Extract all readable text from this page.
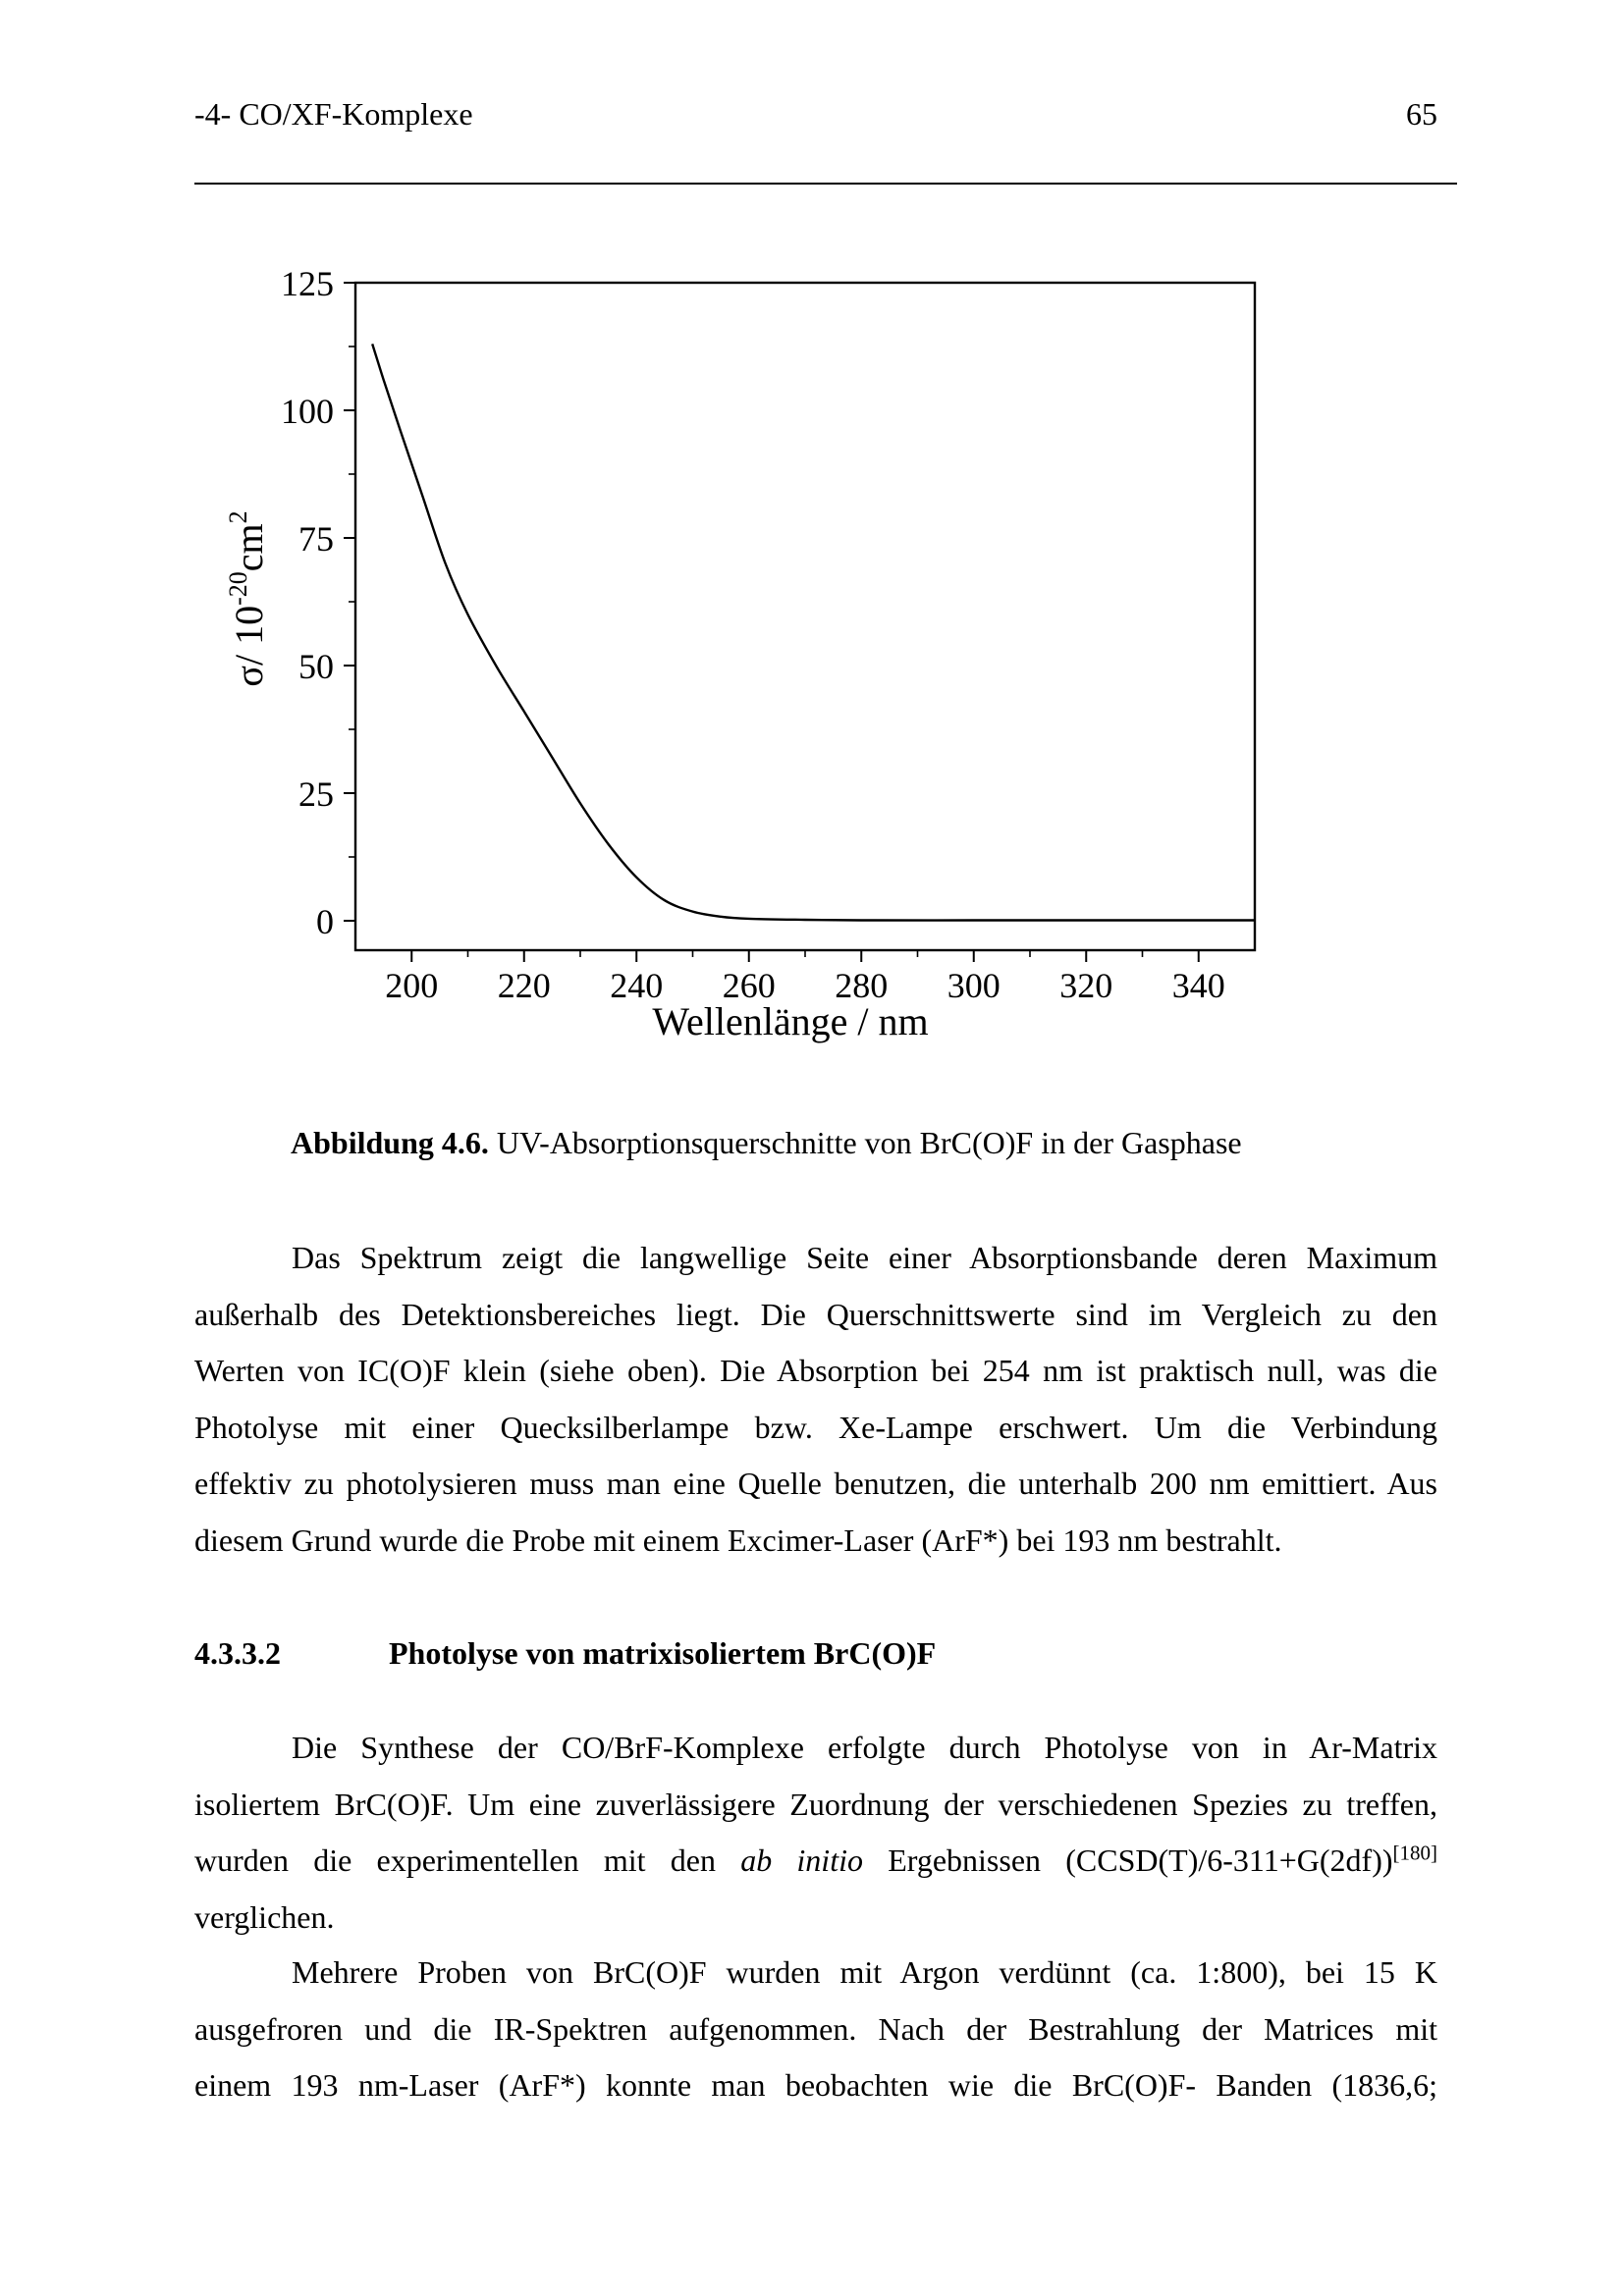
-4- CO/XF-Komplexe	65
0
25
50
75
100
125
200 220 240 260 280 300 320 340
Wellenlänge / nm
σ/ $10^{-20}cm^2$
Abbildung 4.6. UV-Absorptionsquerschnitte von BrC(O)F in der Gasphase
Das Spektrum zeigt die langwellige Seite einer Absorptionsbande deren Maximum
außerhalb des Detektionsbereiches liegt. Die Querschnittswerte sind im Vergleich zu den
Werten von IC(O)F klein (siehe oben). Die Absorption bei 254 nm ist praktisch null, was die
Photolyse mit einer Quecksilberlampe bzw. Xe-Lampe erschwert. Um die Verbindung
effektiv zu photolysieren muss man eine Quelle benutzen, die unterhalb 200 nm emittiert. Aus
diesem Grund wurde die Probe mit einem Excimer-Laser (ArF*) bei 193 nm bestrahlt.
4.3.3.2	Photolyse von matrixisoliertem BrC(O)F
Die Synthese der CO/BrF-Komplexe erfolgte durch Photolyse von in Ar-Matrix
isoliertem BrC(O)F. Um eine zuverlässigere Zuordnung der verschiedenen Spezies zu treffen,
wurden die experimentellen mit den ab initio Ergebnissen (CCSD(T)/6-311+G(2df))[180]
verglichen.
Mehrere Proben von BrC(O)F wurden mit Argon verdünnt (ca. 1:800), bei 15 K
ausgefroren und die IR-Spektren aufgenommen. Nach der Bestrahlung der Matrices mit
einem 193 nm-Laser (ArF*) konnte man beobachten wie die BrC(O)F- Banden (1836,6;
